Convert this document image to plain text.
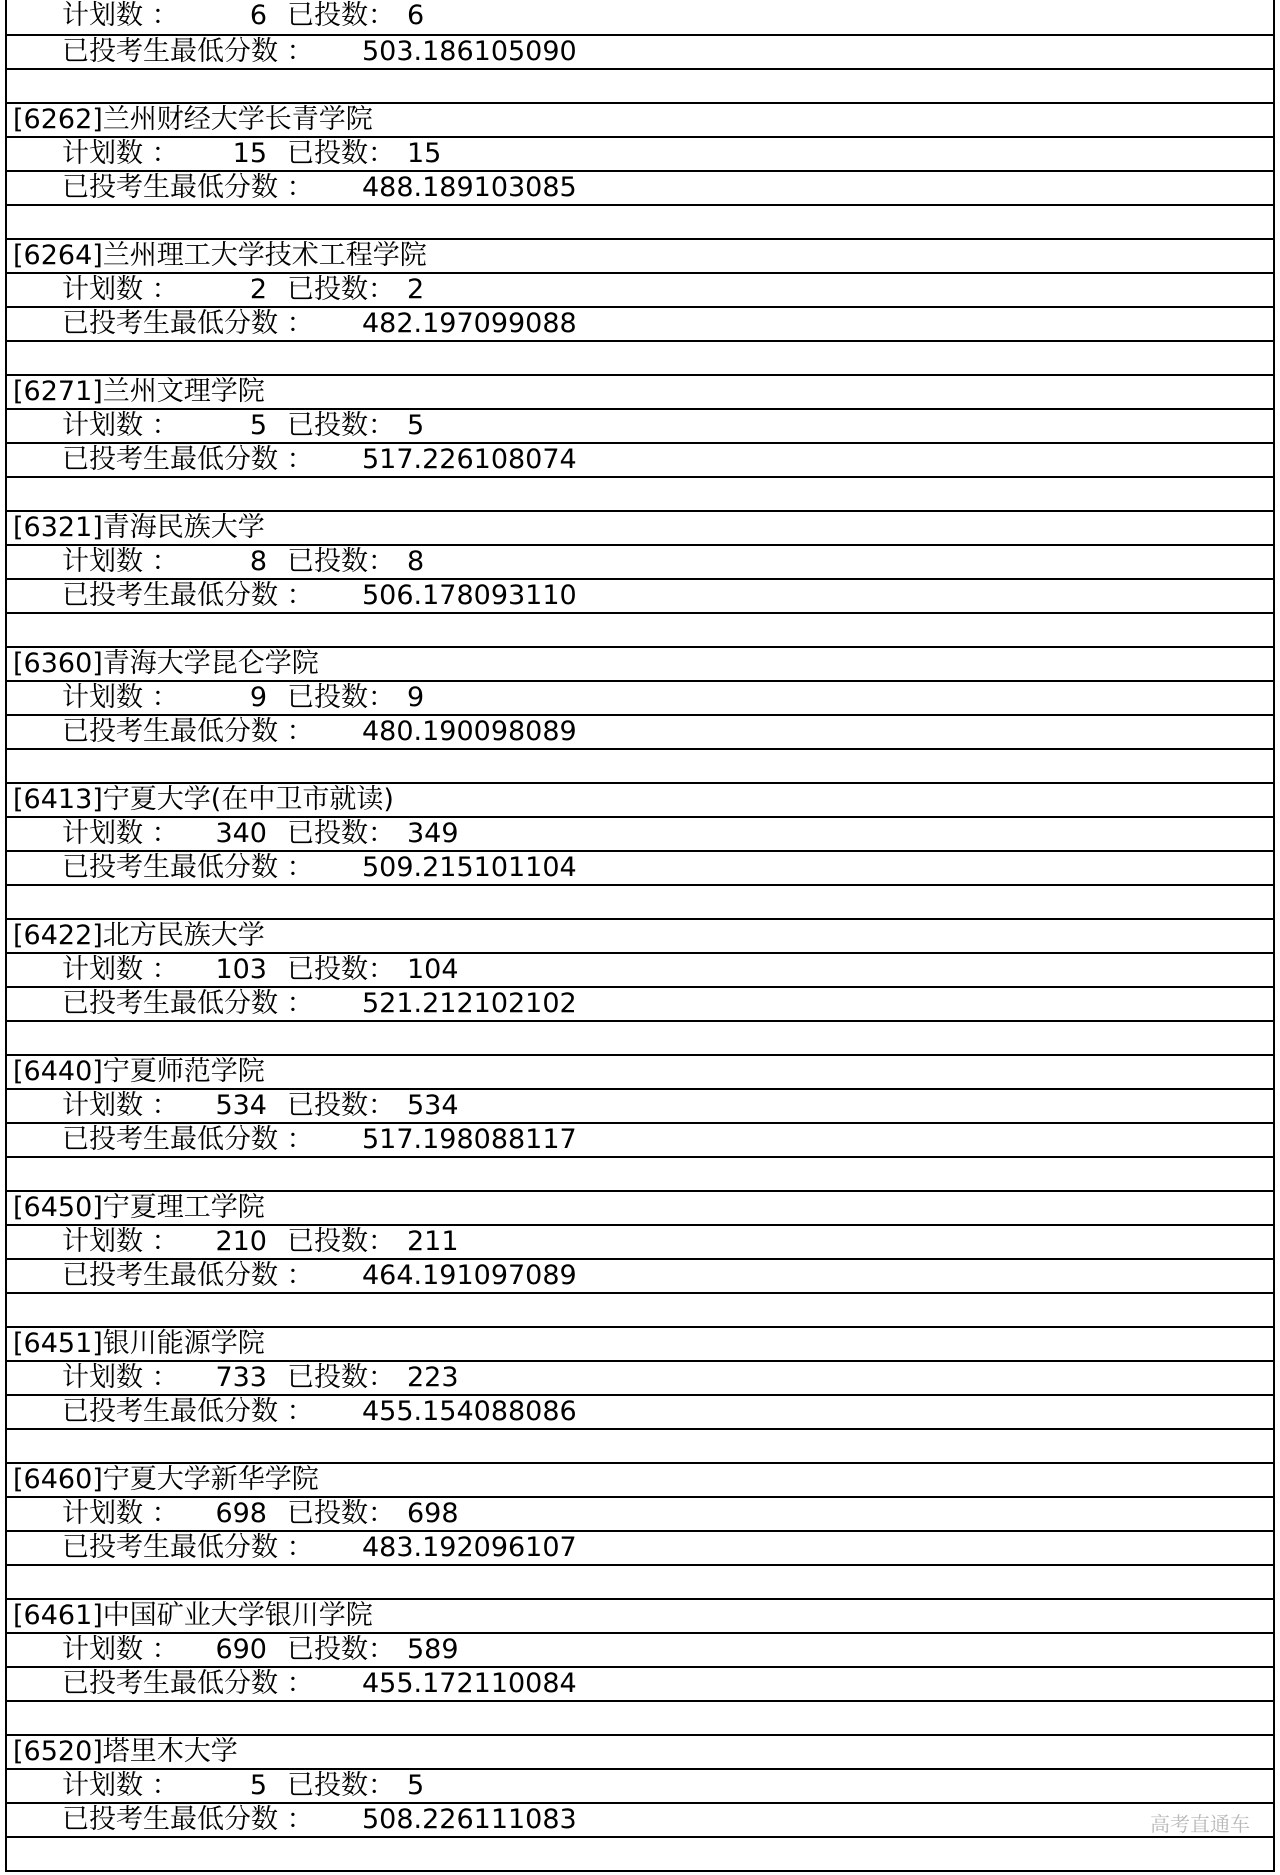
计划数 ：	6 已投数： 6
已投考生最低分数 ： 503.186105090
[6262]兰州财经大学长青学院
计划数 ： 15 已投数： 15
已投考生最低分数 ： 488.189103085
[6264]兰州理工大学技术工程学院
计划数 ：	2 已投数： 2
已投考生最低分数 ： 482.197099088
[6271]兰州文理学院
计划数 ：	5 已投数： 5
已投考生最低分数 ： 517.226108074
[6321]青海民族大学
计划数 ：	8 已投数： 8
已投考生最低分数 ： 506.178093110
[6360]青海大学昆仑学院
计划数 ：	9 已投数： 9
已投考生最低分数 ： 480.190098089
[6413]宁夏大学(在中卫市就读)
计划数 ： 340 已投数： 349
已投考生最低分数 ： 509.215101104
[6422]北方民族大学
计划数 ： 103 已投数： 104
已投考生最低分数 ： 521.212102102
[6440]宁夏师范学院
计划数 ： 534 已投数： 534
已投考生最低分数 ： 517.198088117
[6450]宁夏理工学院
计划数 ： 210 已投数： 211
已投考生最低分数 ： 464.191097089
[6451]银川能源学院
计划数 ： 733 已投数： 223
已投考生最低分数 ： 455.154088086
[6460]宁夏大学新华学院
计划数 ： 698 已投数： 698
已投考生最低分数 ： 483.192096107
[6461]中国矿业大学银川学院
计划数 ： 690 已投数： 589
已投考生最低分数 ： 455.172110084
[6520]塔里木大学
计划数 ：	5 已投数： 5
已投考生最低分数 ： 508.226111083	高考直通车
